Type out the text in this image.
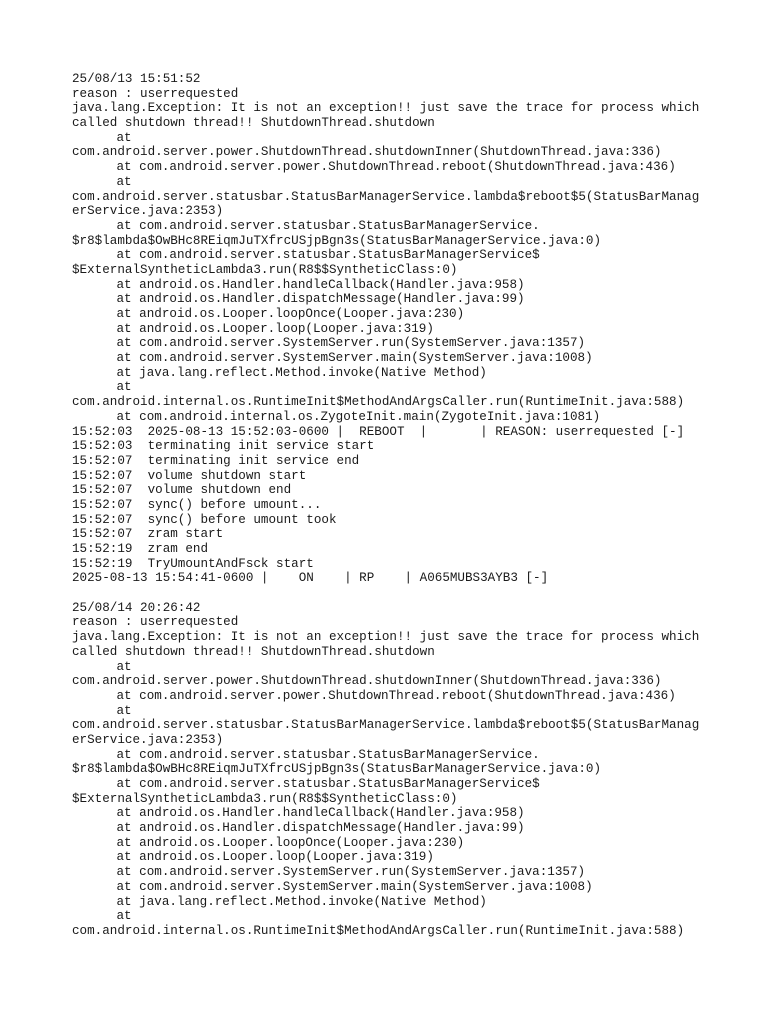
25/08/13 15:51:52
reason : userrequested
java.lang.Exception: It is not an exception!! just save the trace for process which
called shutdown thread!! ShutdownThread.shutdown
at
com.android.server.power.ShutdownThread.shutdownInner(ShutdownThread.java:336)
at com.android.server.power.ShutdownThread.reboot(ShutdownThread.java:436)
at
com.android.server.statusbar.StatusBarManagerService.lambda$reboot$5(StatusBarManag
erService.java:2353)
at com.android.server.statusbar.StatusBarManagerService.
$r8$lambda$OwBHc8REiqmJuTXfrcUSjpBgn3s(StatusBarManagerService.java:0)
at com.android.server.statusbar.StatusBarManagerService$
$ExternalSyntheticLambda3.run(R8$$SyntheticClass:0)
at android.os.Handler.handleCallback(Handler.java:958)
at android.os.Handler.dispatchMessage(Handler.java:99)
at android.os.Looper.loopOnce(Looper.java:230)
at android.os.Looper.loop(Looper.java:319)
at com.android.server.SystemServer.run(SystemServer.java:1357)
at com.android.server.SystemServer.main(SystemServer.java:1008)
at java.lang.reflect.Method.invoke(Native Method)
at
com.android.internal.os.RuntimeInit$MethodAndArgsCaller.run(RuntimeInit.java:588)
at com.android.internal.os.ZygoteInit.main(ZygoteInit.java:1081)
15:52:03  2025-08-13 15:52:03-0600 |  REBOOT  |       | REASON: userrequested [-]
15:52:03  terminating init service start
15:52:07  terminating init service end
15:52:07  volume shutdown start
15:52:07  volume shutdown end
15:52:07  sync() before umount...
15:52:07  sync() before umount took
15:52:07  zram start
15:52:19  zram end
15:52:19  TryUmountAndFsck start
2025-08-13 15:54:41-0600 |    ON    | RP    | A065MUBS3AYB3 [-]
25/08/14 20:26:42
reason : userrequested
java.lang.Exception: It is not an exception!! just save the trace for process which
called shutdown thread!! ShutdownThread.shutdown
at
com.android.server.power.ShutdownThread.shutdownInner(ShutdownThread.java:336)
at com.android.server.power.ShutdownThread.reboot(ShutdownThread.java:436)
at
com.android.server.statusbar.StatusBarManagerService.lambda$reboot$5(StatusBarManag
erService.java:2353)
at com.android.server.statusbar.StatusBarManagerService.
$r8$lambda$OwBHc8REiqmJuTXfrcUSjpBgn3s(StatusBarManagerService.java:0)
at com.android.server.statusbar.StatusBarManagerService$
$ExternalSyntheticLambda3.run(R8$$SyntheticClass:0)
at android.os.Handler.handleCallback(Handler.java:958)
at android.os.Handler.dispatchMessage(Handler.java:99)
at android.os.Looper.loopOnce(Looper.java:230)
at android.os.Looper.loop(Looper.java:319)
at com.android.server.SystemServer.run(SystemServer.java:1357)
at com.android.server.SystemServer.main(SystemServer.java:1008)
at java.lang.reflect.Method.invoke(Native Method)
at
com.android.internal.os.RuntimeInit$MethodAndArgsCaller.run(RuntimeInit.java:588)
